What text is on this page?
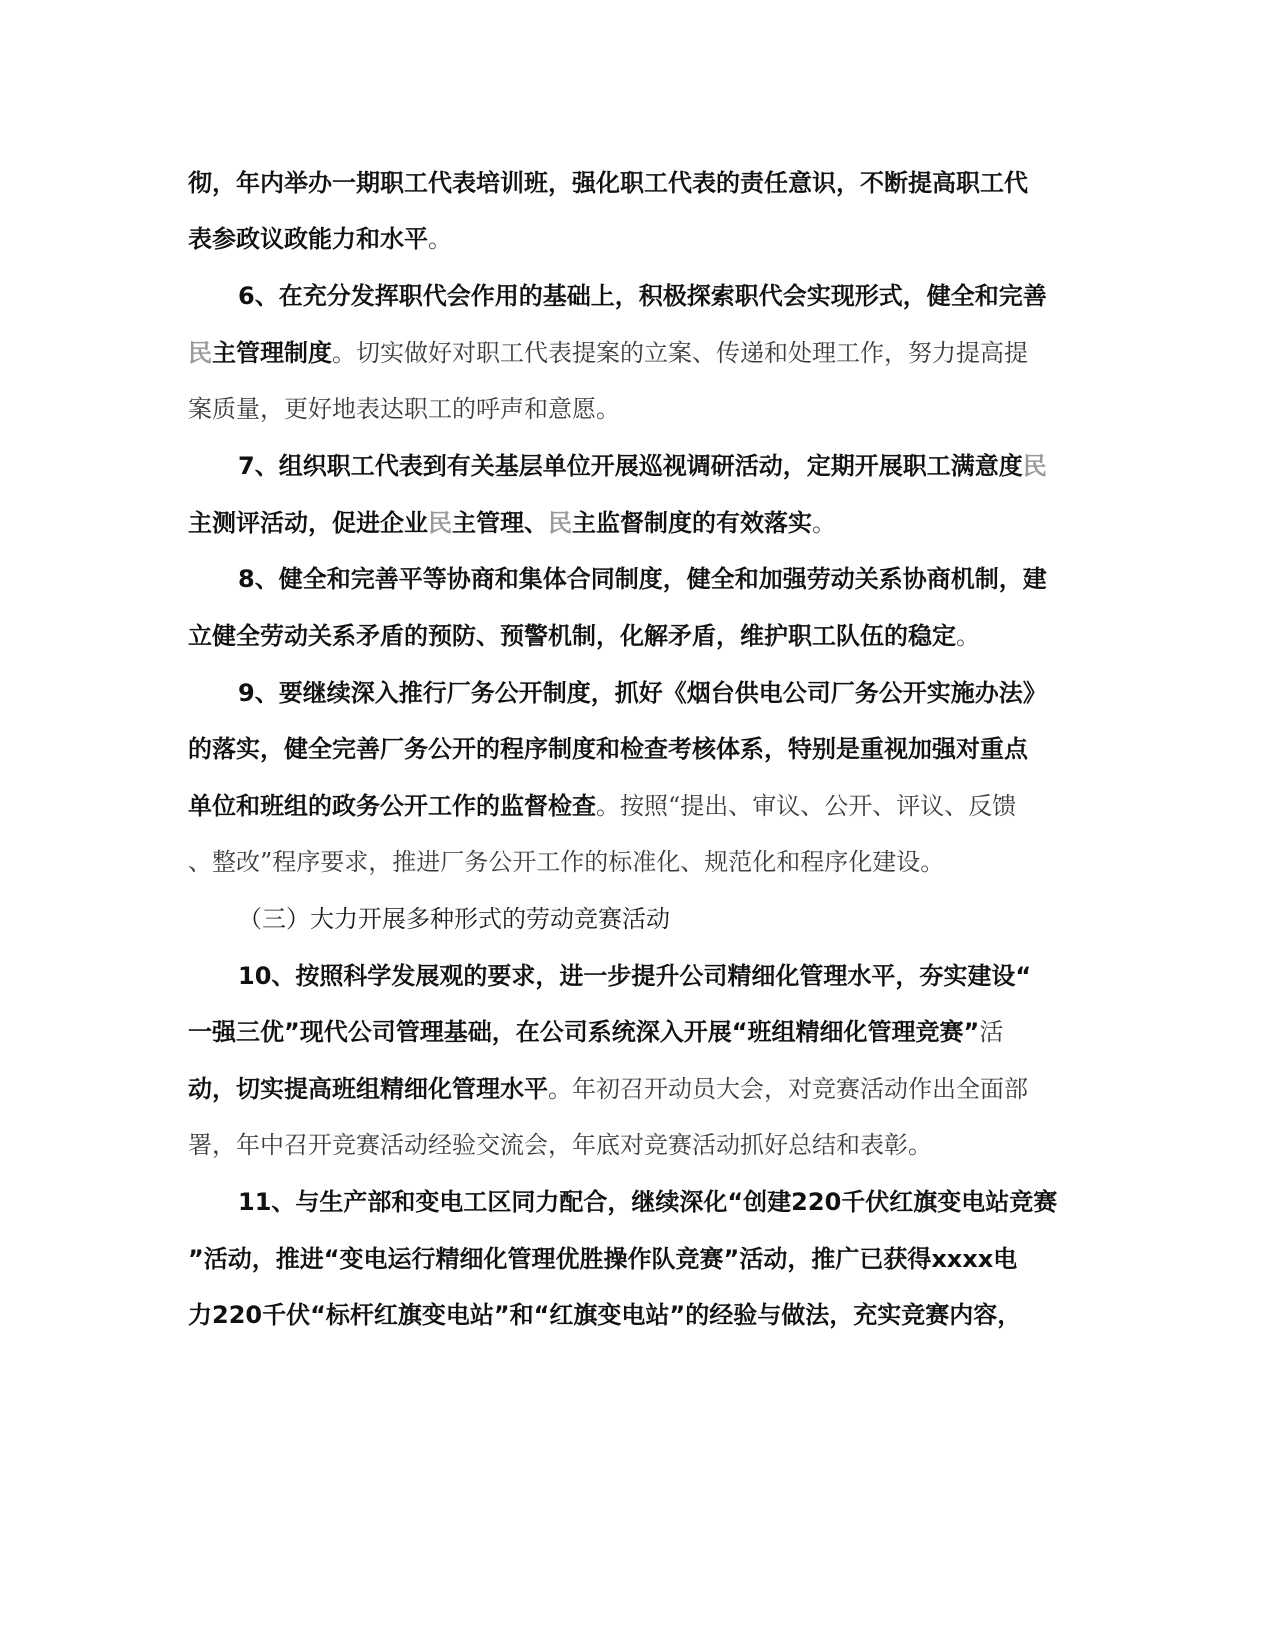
彻，年内举办一期职工代表培训班，强化职工代表的责任意识，不断提高职工代
表参政议政能力和水平。
6、在充分发挥职代会作用的基础上，积极探索职代会实现形式，健全和完善
民主管理制度。切实做好对职工代表提案的立案、传递和处理工作，努力提高提
案质量，更好地表达职工的呼声和意愿。
7、组织职工代表到有关基层单位开展巡视调研活动，定期开展职工满意度民
主测评活动，促进企业民主管理、民主监督制度的有效落实。
8、健全和完善平等协商和集体合同制度，健全和加强劳动关系协商机制，建
立健全劳动关系矛盾的预防、预警机制，化解矛盾，维护职工队伍的稳定。
9、要继续深入推行厂务公开制度，抓好《烟台供电公司厂务公开实施办法》
的落实，健全完善厂务公开的程序制度和检查考核体系，特别是重视加强对重点
单位和班组的政务公开工作的监督检查。按照“提出、审议、公开、评议、反馈
、整改”程序要求，推进厂务公开工作的标准化、规范化和程序化建设。
（三）大力开展多种形式的劳动竞赛活动
10、按照科学发展观的要求，进一步提升公司精细化管理水平，夯实建设“
一强三优”现代公司管理基础，在公司系统深入开展“班组精细化管理竞赛”活
动，切实提高班组精细化管理水平。年初召开动员大会，对竞赛活动作出全面部
署，年中召开竞赛活动经验交流会，年底对竞赛活动抓好总结和表彰。
11、与生产部和变电工区同力配合，继续深化“创建220千伏红旗变电站竞赛
”活动，推进“变电运行精细化管理优胜操作队竞赛”活动，推广已获得xxxx电
力220千伏“标杆红旗变电站”和“红旗变电站”的经验与做法，充实竞赛内容，
